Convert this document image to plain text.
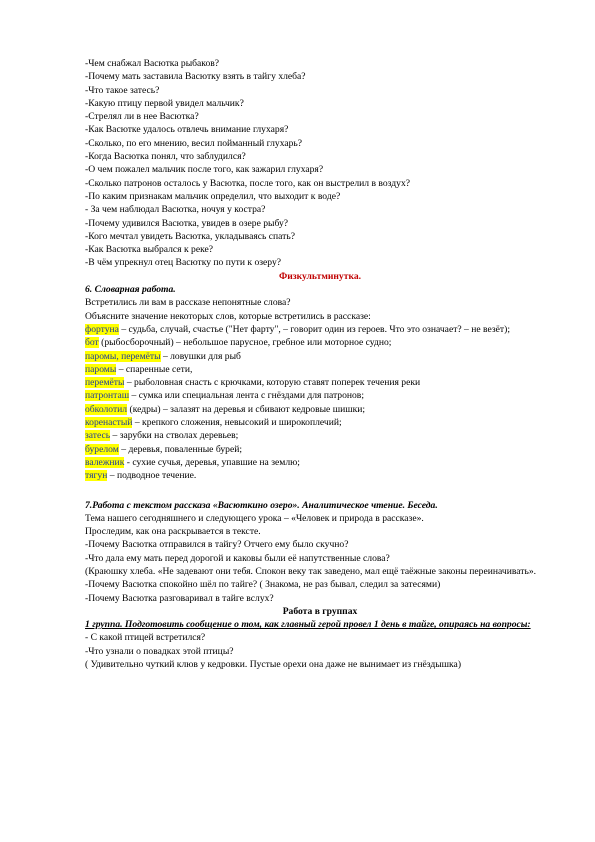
-Чем снабжал Васютка рыбаков?
-Почему мать заставила Васютку взять в тайгу хлеба?
-Что такое затесь?
-Какую птицу первой увидел мальчик?
-Стрелял ли в нее Васютка?
-Как Васютке удалось отвлечь внимание глухаря?
-Сколько, по его мнению, весил пойманный глухарь?
-Когда Васютка понял, что заблудился?
-О чем пожалел мальчик после того, как зажарил глухаря?
-Сколько патронов осталось у Васютка, после того, как он выстрелил в воздух?
-По каким признакам мальчик определил, что выходит к воде?
- За чем наблюдал Васютка, ночуя у костра?
-Почему удивился Васютка, увидев в озере рыбу?
-Кого мечтал увидеть Васютка, укладываясь спать?
-Как Васютка выбрался к реке?
-В чём упрекнул отец Васютку по пути к озеру?
Физкультминутка.
6. Словарная работа.
Встретились ли вам в рассказе непонятные слова?
Объясните значение некоторых слов, которые встретились в рассказе:
фортуна – судьба, случай, счастье ("Нет фарту", – говорит один из героев. Что это означает? – не везёт);
бот (рыбосборочный) – небольшое парусное, гребное или моторное судно;
паромы, перемёты – ловушки для рыб
паромы – спаренные сети,
перемёты – рыболовная снасть с крючками, которую ставят поперек течения реки
патронташ – сумка или специальная лента с гнёздами для патронов;
обколотил (кедры) – залазят на деревья и сбивают кедровые шишки;
коренастый – крепкого сложения, невысокий и широкоплечий;
затесь – зарубки на стволах деревьев;
бурелом – деревья, поваленные бурей;
валежник - сухие сучья, деревья, упавшие на землю;
тягун – подводное течение.
7.Работа с текстом рассказа «Васюткино озеро». Аналитическое чтение. Беседа.
Тема нашего сегодняшнего и следующего урока – «Человек и природа в рассказе».
Проследим, как она раскрывается в тексте.
-Почему Васютка отправился в тайгу? Отчего ему было скучно?
-Что дала ему мать перед дорогой и каковы были её напутственные слова?
(Краюшку хлеба. «Не задевают они тебя. Спокон веку так заведено, мал ещё таёжные законы переиначивать».
-Почему Васютка спокойно шёл по тайге? ( Знакома, не раз бывал, следил за затесями)
-Почему Васютка разговаривал в тайге вслух?
Работа в группах
1 группа. Подготовить сообщение о том, как главный герой провел 1 день в тайге, опираясь на вопросы:
- С какой птицей встретился?
-Что узнали о повадках этой птицы?
( Удивительно чуткий клюв у кедровки. Пустые орехи она даже не вынимает из гнёздышка)
